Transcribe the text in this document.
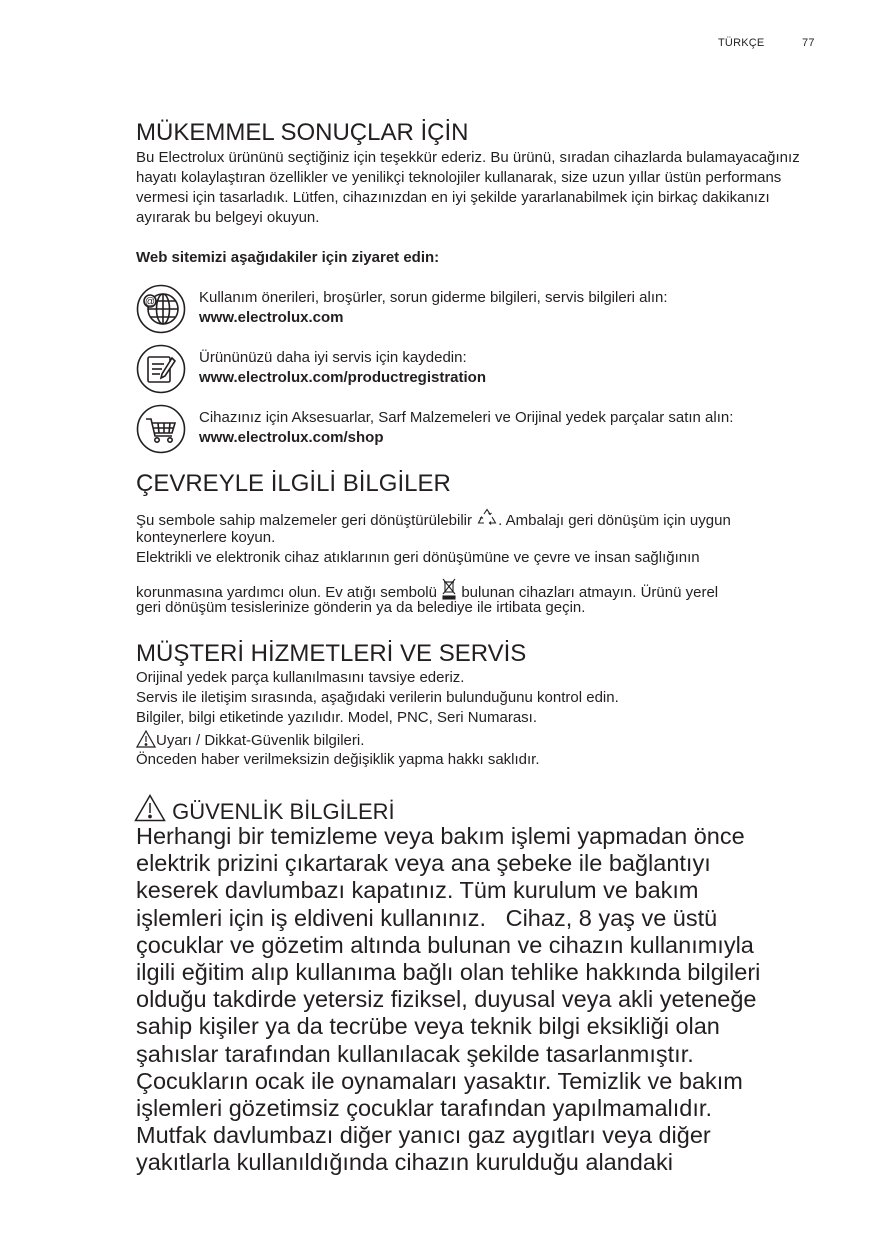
TÜRKÇE	77
MÜKEMMEL SONUÇLAR İÇİN

Bu Electrolux ürününü seçtiğiniz için teşekkür ederiz. Bu ürünü, sıradan cihazlarda bulamayacağınız hayatı kolaylaştıran özellikler ve yenilikçi teknolojiler kullanarak, size uzun yıllar üstün performans vermesi için tasarladık. Lütfen, cihazınızdan en iyi şekilde yararlanabilmek için birkaç dakikanızı ayırarak bu belgeyi okuyun.

Web sitemizi aşağıdakiler için ziyaret edin:
@	Kullanım önerileri, broşürler, sorun giderme bilgileri, servis bilgileri alın:
www.electrolux.com
Ürününüzü daha iyi servis için kaydedin:
www.electrolux.com/productregistration
Cihazınız için Aksesuarlar, Sarf Malzemeleri ve Orijinal yedek parçalar satın alın:
www.electrolux.com/shop
ÇEVREYLE İLGİLİ BİLGİLER
Şu sembole sahip malzemeler geri dönüştürülebilir . Ambalajı geri dönüşüm için uygun
konteynerlere koyun.
Elektrikli ve elektronik cihaz atıklarının geri dönüşümüne ve çevre ve insan sağlığının
korunmasına yardımcı olun. Ev atığı sembolü bulunan cihazları atmayın. Ürünü yerel
geri dönüşüm tesislerinize gönderin ya da belediye ile irtibata geçin.
MÜŞTERİ HİZMETLERİ VE SERVİS
Orijinal yedek parça kullanılmasını tavsiye ederiz.
Servis ile iletişim sırasında, aşağıdaki verilerin bulunduğunu kontrol edin.
Bilgiler, bilgi etiketinde yazılıdır. Model, PNC, Seri Numarası.
Uyarı / Dikkat-Güvenlik bilgileri.
Önceden haber verilmeksizin değişiklik yapma hakkı saklıdır.
GÜVENLİK BİLGİLERİ
Herhangi bir temizleme veya bakım işlemi yapmadan önce
elektrik prizini çıkartarak veya ana şebeke ile bağlantıyı
keserek davlumbazı kapatınız. Tüm kurulum ve bakım
işlemleri için iş eldiveni kullanınız.   Cihaz, 8 yaş ve üstü
çocuklar ve gözetim altında bulunan ve cihazın kullanımıyla
ilgili eğitim alıp kullanıma bağlı olan tehlike hakkında bilgileri
olduğu takdirde yetersiz fiziksel, duyusal veya akli yeteneğe
sahip kişiler ya da tecrübe veya teknik bilgi eksikliği olan
şahıslar tarafından kullanılacak şekilde tasarlanmıştır.
Çocukların ocak ile oynamaları yasaktır. Temizlik ve bakım
işlemleri gözetimsiz çocuklar tarafından yapılmamalıdır.
Mutfak davlumbazı diğer yanıcı gaz aygıtları veya diğer
yakıtlarla kullanıldığında cihazın kurulduğu alandaki
